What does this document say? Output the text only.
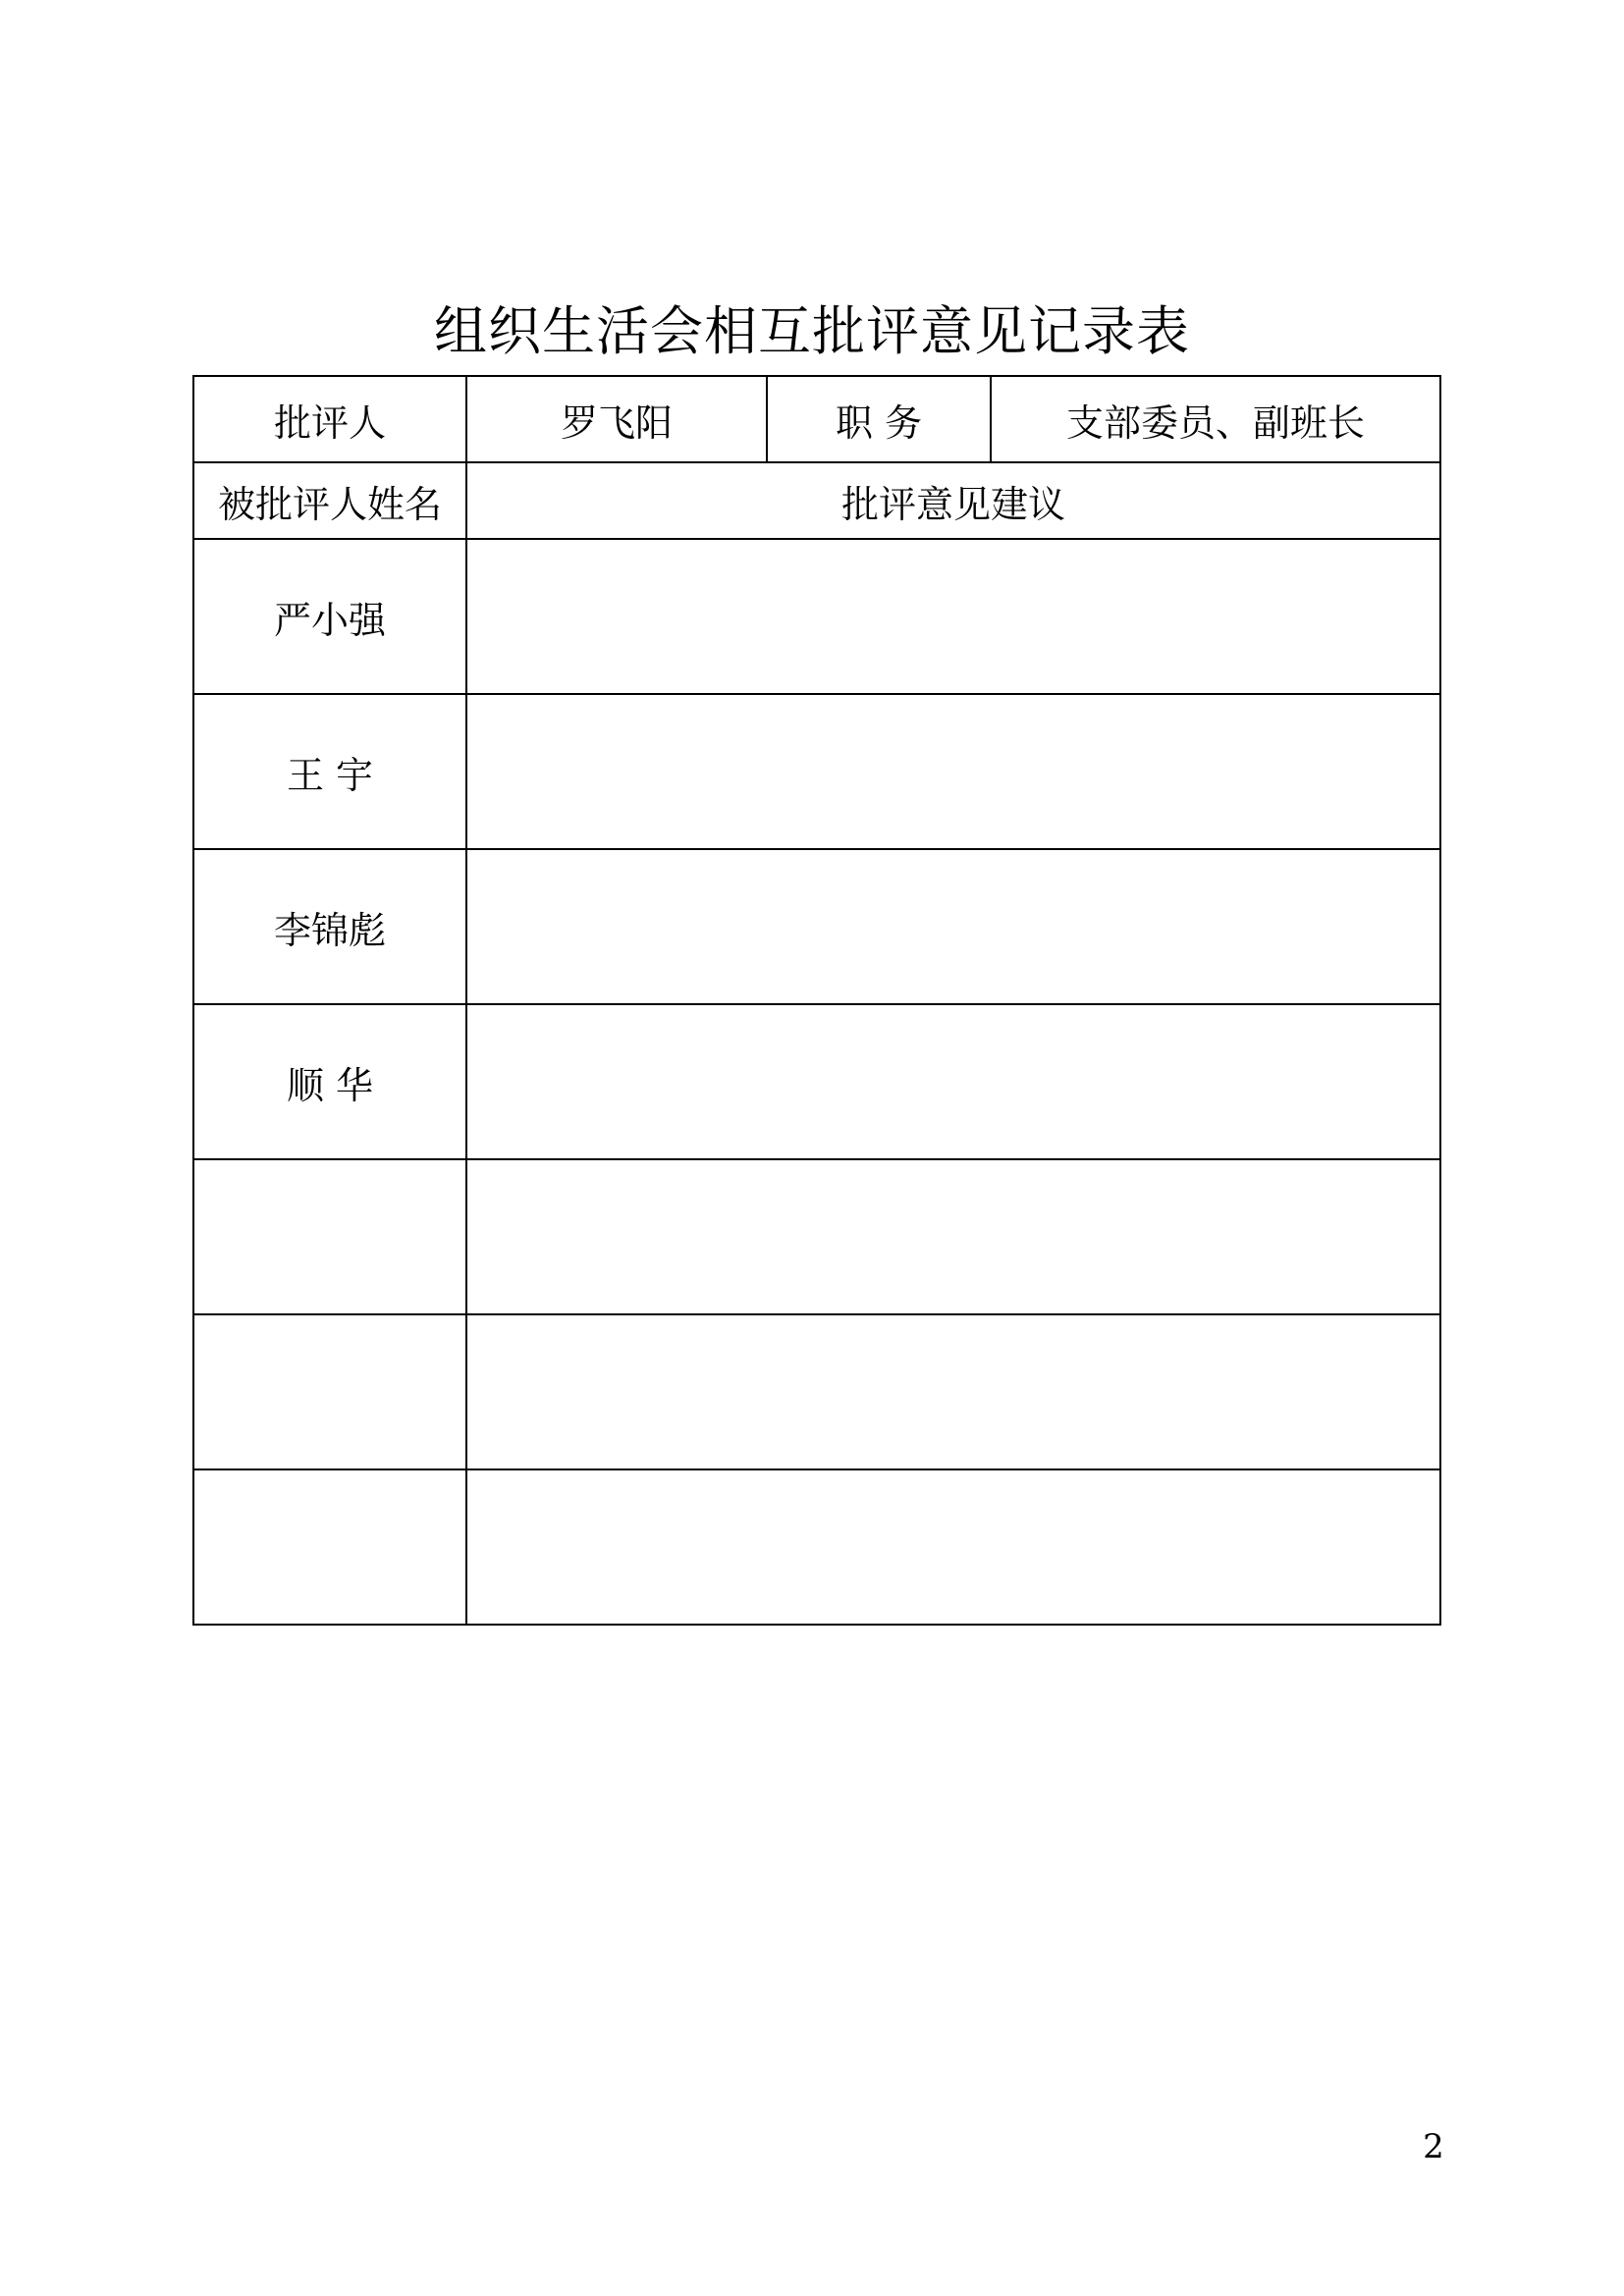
组织生活会相互批评意见记录表
批评人	罗飞阳	职 务	支部委员、副班长
被批评人姓名	批评意见建议		
严小强			
王 宇			
李锦彪			
顺 华			

2
